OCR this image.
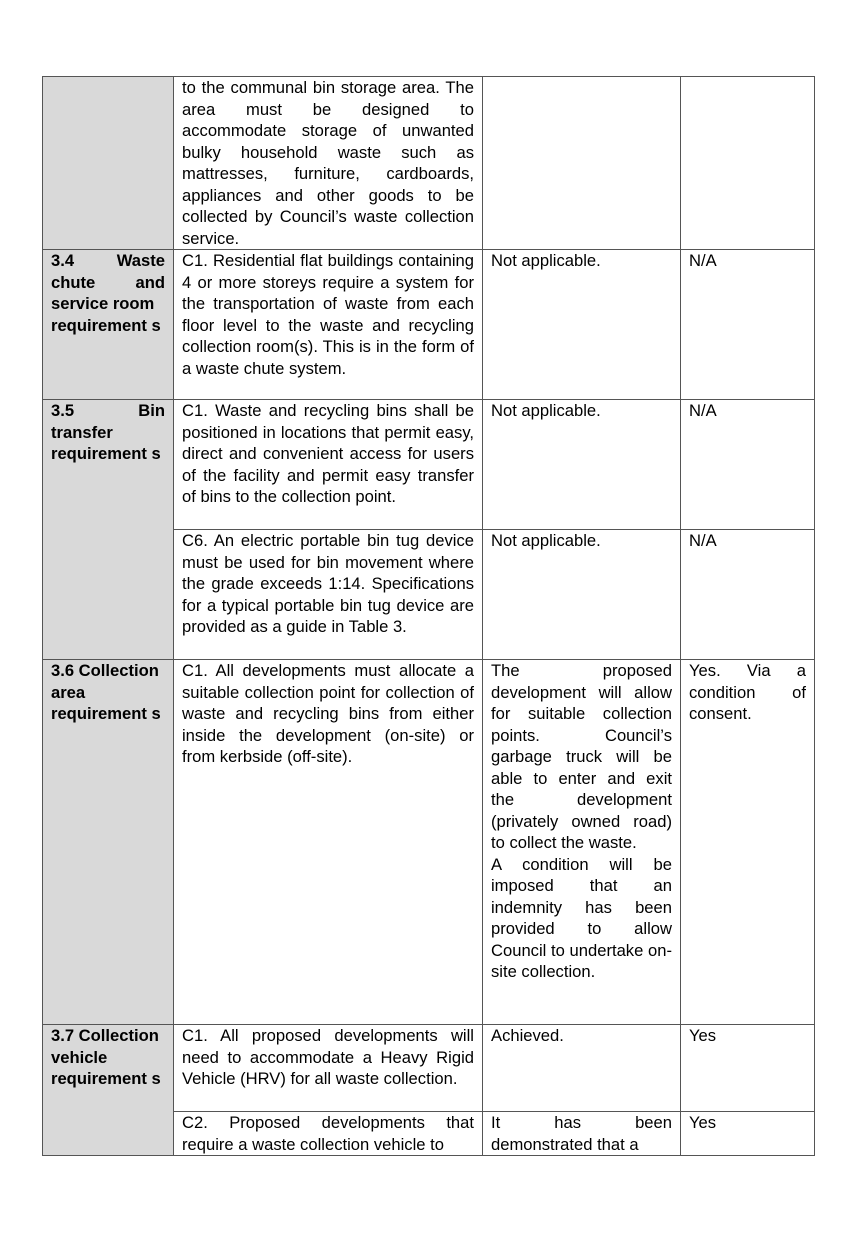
	to the communal bin storage area. The area must be designed to accommodate storage of unwanted bulky household waste such as mattresses, furniture, cardboards, appliances and other goods to be collected by Council’s waste collection service.		

3.4 Waste chute and
service room requirement s	C1. Residential flat buildings containing 4 or more storeys require a system for the transportation of waste from each floor level to the waste and recycling collection room(s). This is in the form of a waste chute system.	Not applicable.	N/A

3.5 Bin
transfer requirement s	C1. Waste and recycling bins shall be positioned in locations that permit easy, direct and convenient access for users of the facility and permit easy transfer of bins to the collection point.	Not applicable.	N/A
	C6. An electric portable bin tug device must be used for bin movement where the grade exceeds 1:14. Specifications for a typical portable bin tug device are provided as a guide in Table 3.	Not applicable.	N/A
3.6 Collection area requirement s	C1. All developments must allocate a suitable collection point for collection of waste and recycling bins from either inside the development (on-site) or from kerbside (off-site).	The proposed development will allow for suitable collection points. Council’s garbage truck will be able to enter and exit the development (privately owned road) to collect the waste.
A condition will be imposed that an indemnity has been provided to allow Council to undertake on-site collection.	Yes. Via a condition of consent.
3.7 Collection vehicle requirement s	C1. All proposed developments will need to accommodate a Heavy Rigid Vehicle (HRV) for all waste collection.	Achieved.	Yes
	C2. Proposed developments that require a waste collection vehicle to	It has been demonstrated that a	Yes
